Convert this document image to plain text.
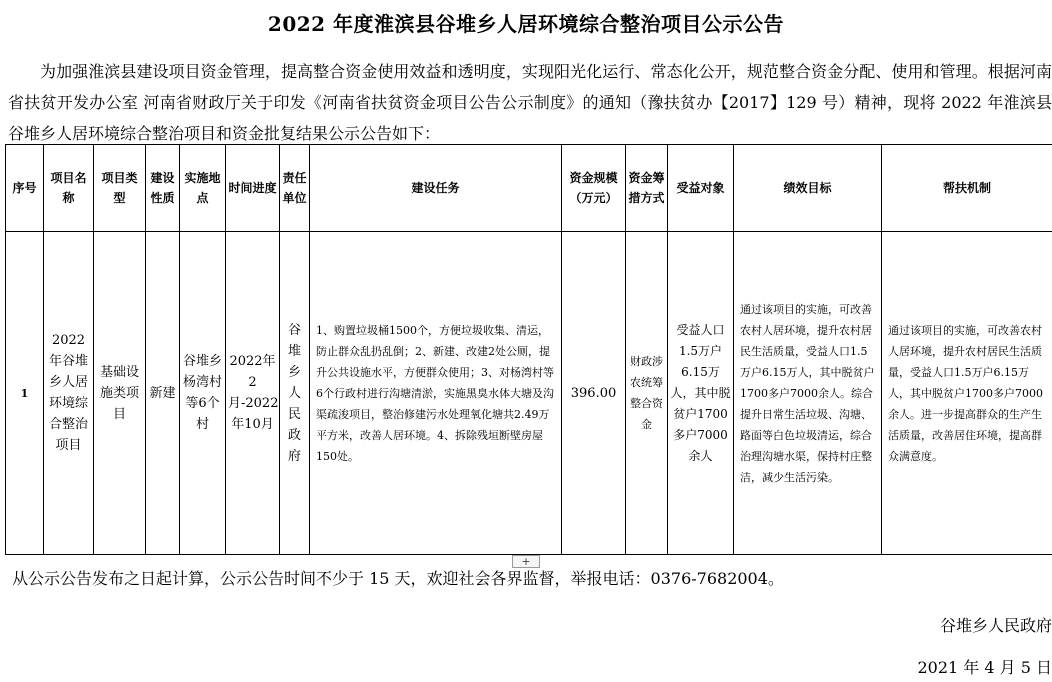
2022 年度淮滨县谷堆乡人居环境综合整治项目公示公告

为加强淮滨县建设项目资金管理，提高整合资金使用效益和透明度，实现阳光化运行、常态化公开，规范整合资金分配、使用和管理。根据河南省扶贫开发办公室 河南省财政厅关于印发《河南省扶贫资金项目公告公示制度》的通知（豫扶贫办【2017】129 号）精神，现将 2022 年淮滨县谷堆乡人居环境综合整治项目和资金批复结果公示公告如下：

序号	项目名称	项目类型	建设性质	实施地点	时间进度	责任单位	建设任务	资金规模（万元）	资金筹措方式	受益对象	绩效目标	帮扶机制
1	2022年谷堆乡人居环境综合整治项目	基础设施类项目	新建	谷堆乡杨湾村等6个村	2022年2月-2022年10月	谷堆乡人民政府	1、购置垃圾桶1500个，方便垃圾收集、清运，防止群众乱扔乱倒；2、新建、改建2处公厕，提升公共设施水平，方便群众使用；3、对杨湾村等6个行政村进行沟塘清淤，实施黑臭水体大塘及沟渠疏浚项目，整治修建污水处理氧化塘共2.49万平方米，改善人居环境。4、拆除残垣断壁房屋150处。	396.00	财政涉农统筹整合资金	受益人口1.5万户6.15万人，其中脱贫户1700多户7000余人	通过该项目的实施，可改善农村人居环境，提升农村居民生活质量，受益人口1.5万户6.15万人，其中脱贫户1700多户7000余人。综合提升日常生活垃圾、沟塘、路面等白色垃圾清运，综合治理沟塘水渠，保持村庄整洁，减少生活污染。	通过该项目的实施，可改善农村人居环境，提升农村居民生活质量，受益人口1.5万户6.15万人，其中脱贫户1700多户7000余人。进一步提高群众的生产生活质量，改善居住环境，提高群众满意度。
+
从公示公告发布之日起计算，公示公告时间不少于 15 天，欢迎社会各界监督，举报电话：0376-7682004。
谷堆乡人民政府
2021 年 4 月 5 日
